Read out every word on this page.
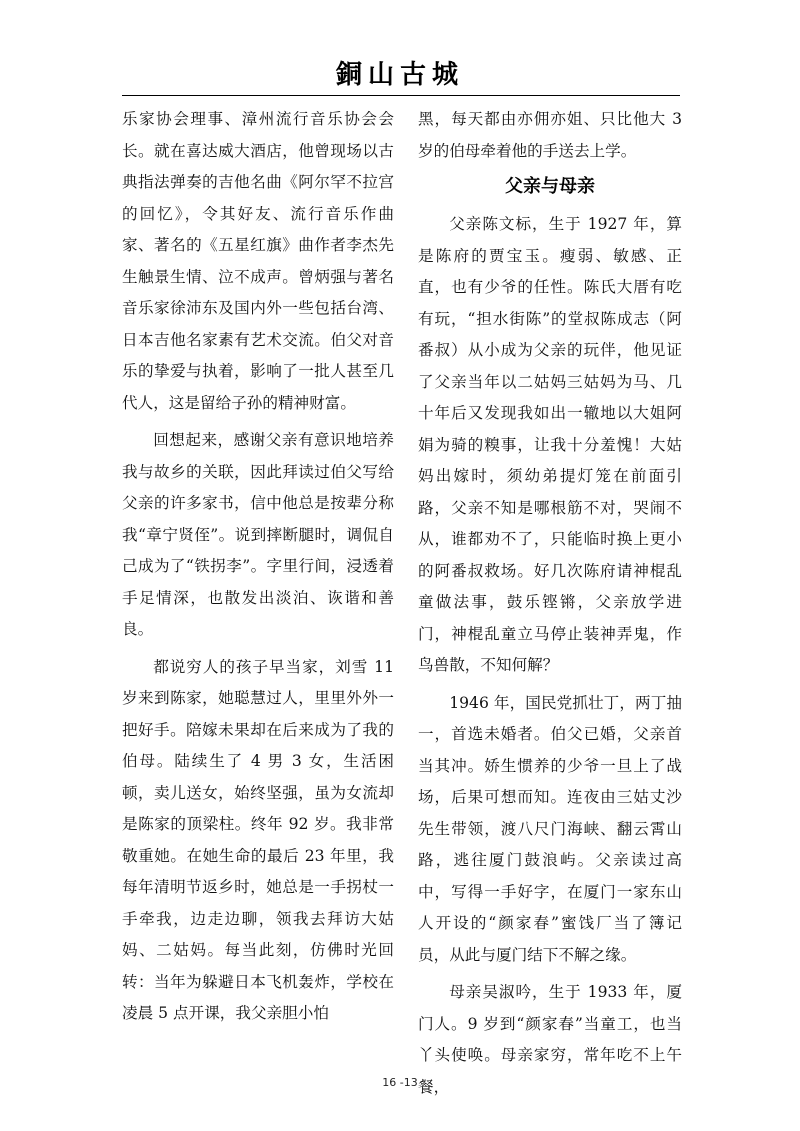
銅山古城

乐家协会理事、漳州流行音乐协会会长。就在喜达威大酒店，他曾现场以古典指法弹奏的吉他名曲《阿尔罕不拉宫的回忆》，令其好友、流行音乐作曲家、著名的《五星红旗》曲作者李杰先生触景生情、泣不成声。曾炳强与著名音乐家徐沛东及国内外一些包括台湾、日本吉他名家素有艺术交流。伯父对音乐的挚爱与执着，影响了一批人甚至几代人，这是留给子孙的精神财富。

回想起来，感谢父亲有意识地培养我与故乡的关联，因此拜读过伯父写给父亲的许多家书，信中他总是按辈分称我“章宁贤侄”。说到摔断腿时，调侃自己成为了“铁拐李”。字里行间，浸透着手足情深，也散发出淡泊、诙谐和善良。

都说穷人的孩子早当家，刘雪 11岁来到陈家，她聪慧过人，里里外外一把好手。陪嫁未果却在后来成为了我的伯母。陆续生了 4 男 3 女，生活困顿，卖儿送女，始终坚强，虽为女流却是陈家的顶梁柱。终年 92 岁。我非常敬重她。在她生命的最后 23 年里，我每年清明节返乡时，她总是一手拐杖一手牵我，边走边聊，领我去拜访大姑妈、二姑妈。每当此刻，仿佛时光回转：当年为躲避日本飞机轰炸，学校在凌晨 5 点开课，我父亲胆小怕

黑，每天都由亦佣亦姐、只比他大 3岁的伯母牵着他的手送去上学。

父亲与母亲

父亲陈文标，生于 1927 年，算是陈府的贾宝玉。瘦弱、敏感、正直，也有少爷的任性。陈氏大厝有吃有玩，“担水街陈”的堂叔陈成志（阿番叔）从小成为父亲的玩伴，他见证了父亲当年以二姑妈三姑妈为马、几十年后又发现我如出一辙地以大姐阿娟为骑的糗事，让我十分羞愧！大姑妈出嫁时，须幼弟提灯笼在前面引路，父亲不知是哪根筋不对，哭闹不从，谁都劝不了，只能临时换上更小的阿番叔救场。好几次陈府请神棍乱童做法事，鼓乐铿锵，父亲放学进门，神棍乱童立马停止装神弄鬼，作鸟兽散，不知何解？

1946 年，国民党抓壮丁，两丁抽一，首选未婚者。伯父已婚，父亲首当其冲。娇生惯养的少爷一旦上了战场，后果可想而知。连夜由三姑丈沙先生带领，渡八尺门海峡、翻云霄山路，逃往厦门鼓浪屿。父亲读过高中，写得一手好字，在厦门一家东山人开设的“颜家春”蜜饯厂当了簿记员，从此与厦门结下不解之缘。

母亲吴淑吟，生于 1933 年，厦门人。9 岁到“颜家春”当童工，也当丫头使唤。母亲家穷，常年吃不上午餐，

16 -13
